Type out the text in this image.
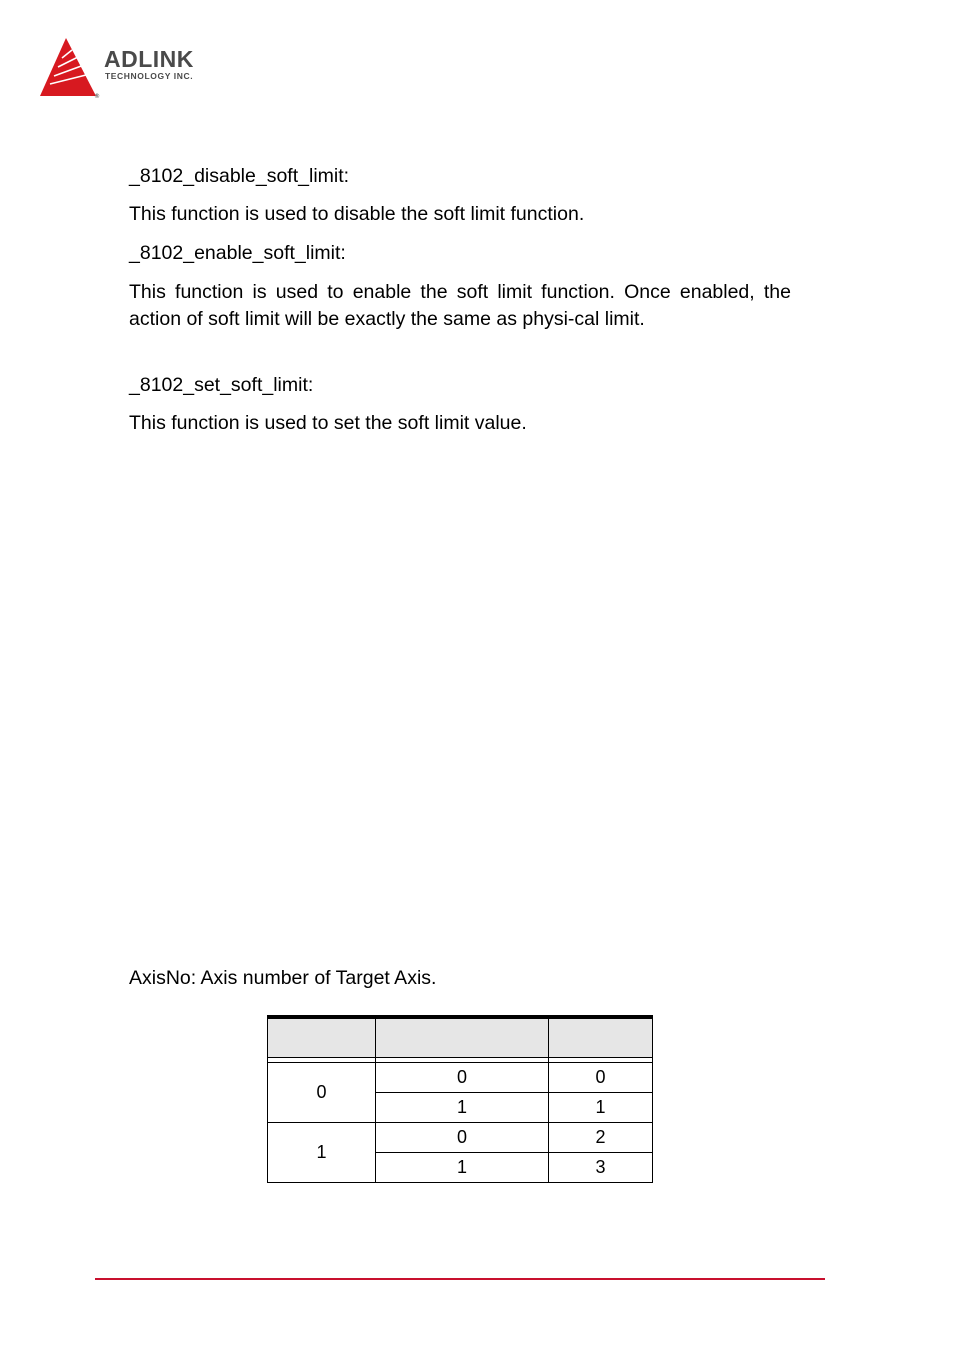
®
ADLINK
TECHNOLOGY INC.

_8102_disable_soft_limit:

This function is used to disable the soft limit function.

_8102_enable_soft_limit:

This function is used to enable the soft limit function. Once enabled, the action of soft limit will be exactly the same as physi-cal limit.

_8102_set_soft_limit:

This function is used to set the soft limit value.

AxisNo: Axis number of Target Axis.

0	0	0
	1	1
1	0	2
	1	3
